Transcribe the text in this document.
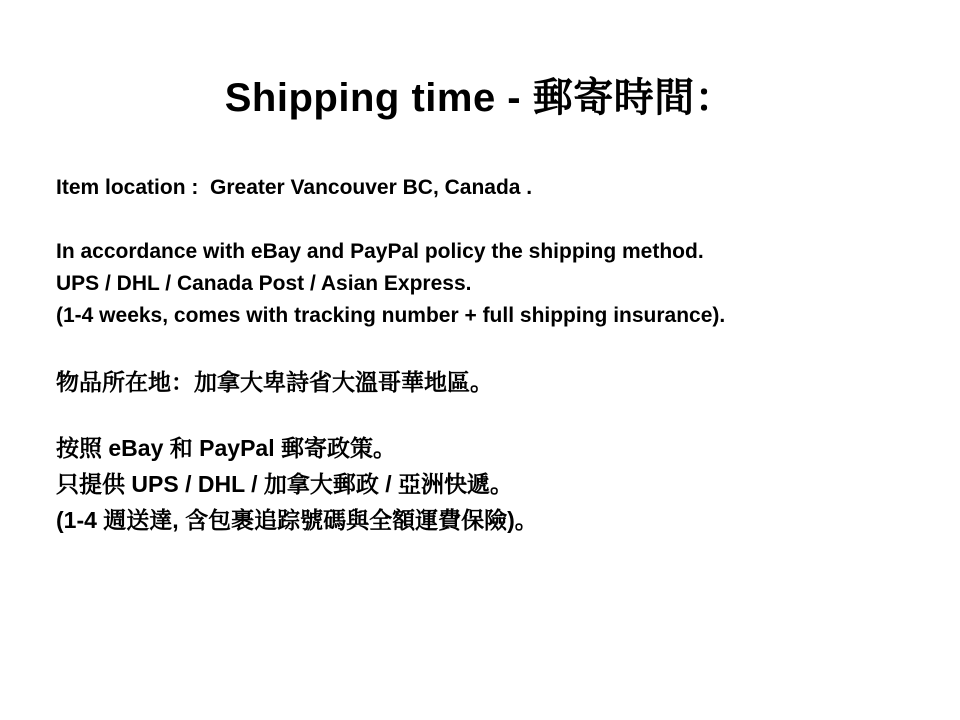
Shipping time - 郵寄時間：
Item location :  Greater Vancouver BC, Canada .
In accordance with eBay and PayPal policy the shipping method.
UPS / DHL / Canada Post / Asian Express.
(1-4 weeks, comes with tracking number + full shipping insurance).
物品所在地：加拿大卑詩省大溫哥華地區。
按照 eBay 和 PayPal 郵寄政策。
只提供 UPS / DHL / 加拿大郵政 / 亞洲快遞。
(1-4 週送達, 含包裹追踪號碼與全額運費保險)。
